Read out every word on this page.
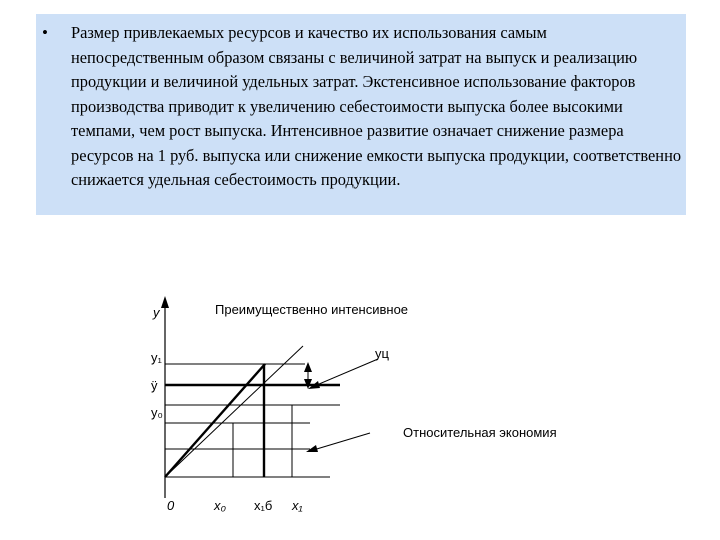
• Размер привлекаемых ресурсов и качество их использования самым непосредственным образом связаны с величиной затрат на выпуск и реализацию продукции и величиной удельных затрат. Экстенсивное использование факторов производства приводит к увеличению себестоимости выпуска более высокими темпами, чем рост выпуска. Интенсивное развитие означает снижение размера ресурсов на 1 руб. выпуска или снижение емкости выпуска продукции, соответственно снижается удельная себестоимость продукции.
Преимущественно интенсивное
y
y₁
ÿ
y₀
0	x₀ x₁б x₁
yц
Относительная экономия
